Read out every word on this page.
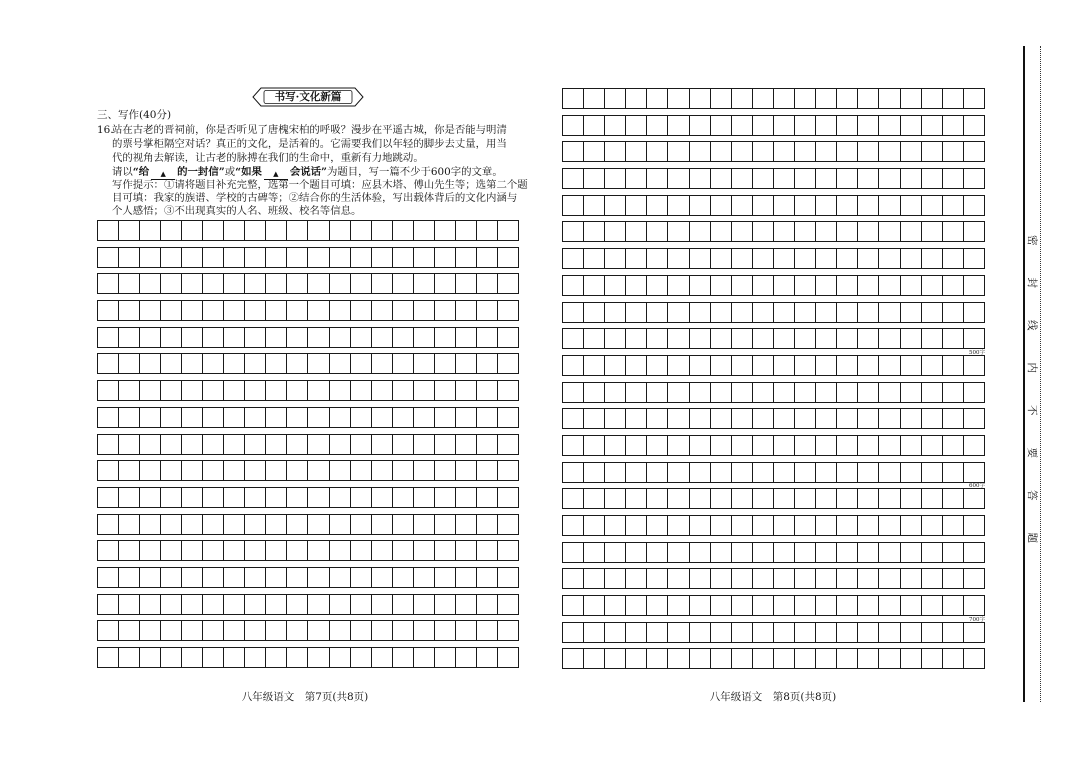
书写·文化新篇
三、写作(40分)
16.
站在古老的晋祠前，你是否听见了唐槐宋柏的呼吸？漫步在平遥古城，你是否能与明清
的票号掌柜隔空对话？真正的文化，是活着的。它需要我们以年轻的脚步去丈量，用当
代的视角去解读，让古老的脉搏在我们的生命中，重新有力地跳动。
请以“给 ▲ 的一封信”或“如果 ▲ 会说话”为题目，写一篇不少于600字的文章。
写作提示：①请将题目补充完整，选第一个题目可填：应县木塔、傅山先生等；选第二个题
目可填：我家的族谱、学校的古碑等；②结合你的生活体验，写出载体背后的文化内涵与
个人感悟；③不出现真实的人名、班级、校名等信息。
500字
600字
700字
八年级语文　第7页(共8页)	八年级语文　第8页(共8页)
密封线内不要答题
